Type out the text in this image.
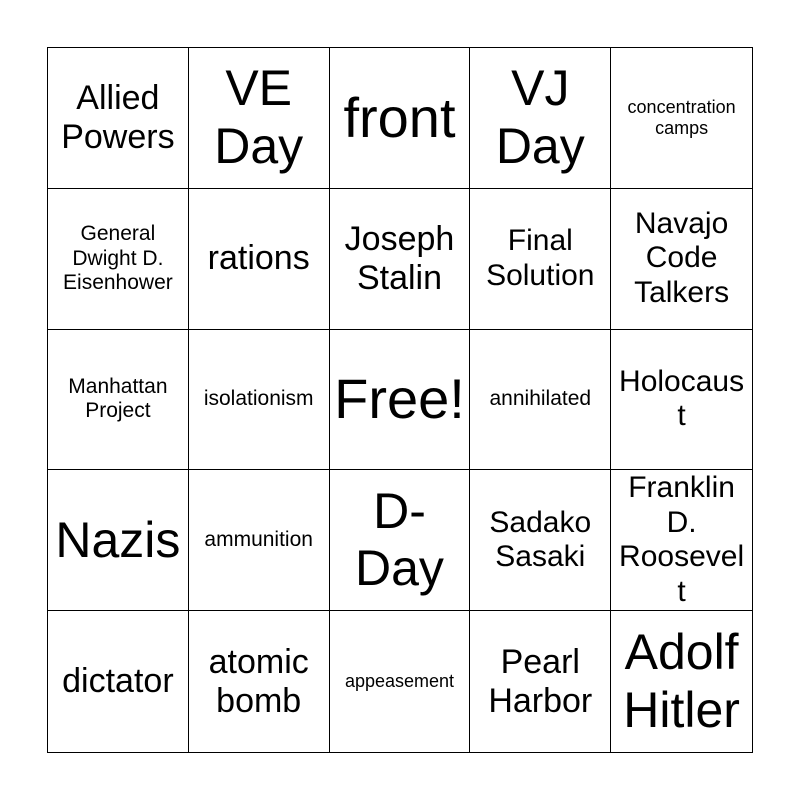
Allied Powers
VE Day front	VJ Day
concentration camps
General Dwight D. Eisenhower
rations
Joseph Stalin
Final Solution
Navajo Code Talkers
Manhattan Project
isolationism Free! annihilated
Holocaust
Nazis ammunition
D-Day
Sadako Sasaki
Franklin D. Roosevelt
dictator
atomic bomb
appeasement
Pearl Harbor
Adolf Hitler
